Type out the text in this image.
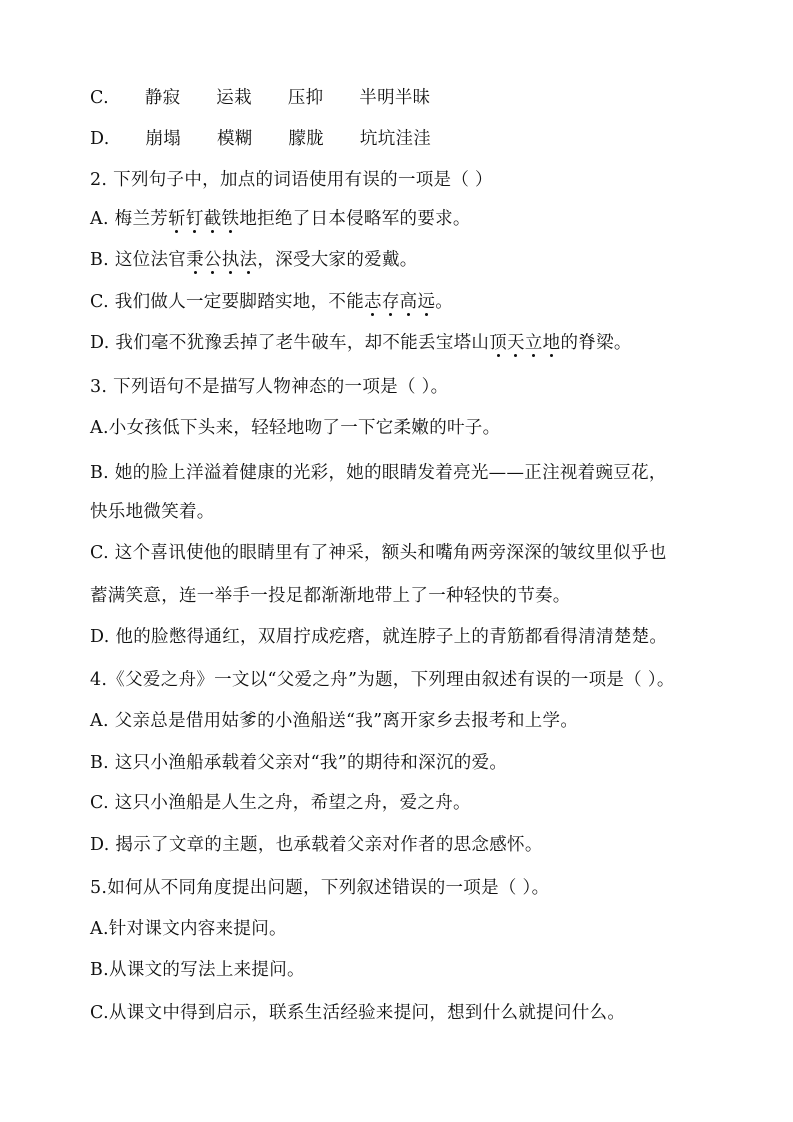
C. 静寂 运栽 压抑 半明半昧
D. 崩塌 模糊 朦胧 坑坑洼洼
2. 下列句子中，加点的词语使用有误的一项是（ ）
A. 梅兰芳斩钉截铁地拒绝了日本侵略军的要求。
B. 这位法官秉公执法，深受大家的爱戴。
C. 我们做人一定要脚踏实地，不能志存高远。
D. 我们毫不犹豫丢掉了老牛破车，却不能丢宝塔山顶天立地的脊梁。
3. 下列语句不是描写人物神态的一项是（ ）。
A.小女孩低下头来，轻轻地吻了一下它柔嫩的叶子。
B. 她的脸上洋溢着健康的光彩，她的眼睛发着亮光——正注视着豌豆花，
快乐地微笑着。
C. 这个喜讯使他的眼睛里有了神采，额头和嘴角两旁深深的皱纹里似乎也
蓄满笑意，连一举手一投足都渐渐地带上了一种轻快的节奏。
D. 他的脸憋得通红，双眉拧成疙瘩，就连脖子上的青筋都看得清清楚楚。
4.《父爱之舟》一文以“父爱之舟”为题，下列理由叙述有误的一项是（ ）。
A. 父亲总是借用姑爹的小渔船送“我”离开家乡去报考和上学。
B. 这只小渔船承载着父亲对“我”的期待和深沉的爱。
C. 这只小渔船是人生之舟，希望之舟，爱之舟。
D. 揭示了文章的主题，也承载着父亲对作者的思念感怀。
5.如何从不同角度提出问题，下列叙述错误的一项是（ ）。
A.针对课文内容来提问。
B.从课文的写法上来提问。
C.从课文中得到启示，联系生活经验来提问，想到什么就提问什么。
